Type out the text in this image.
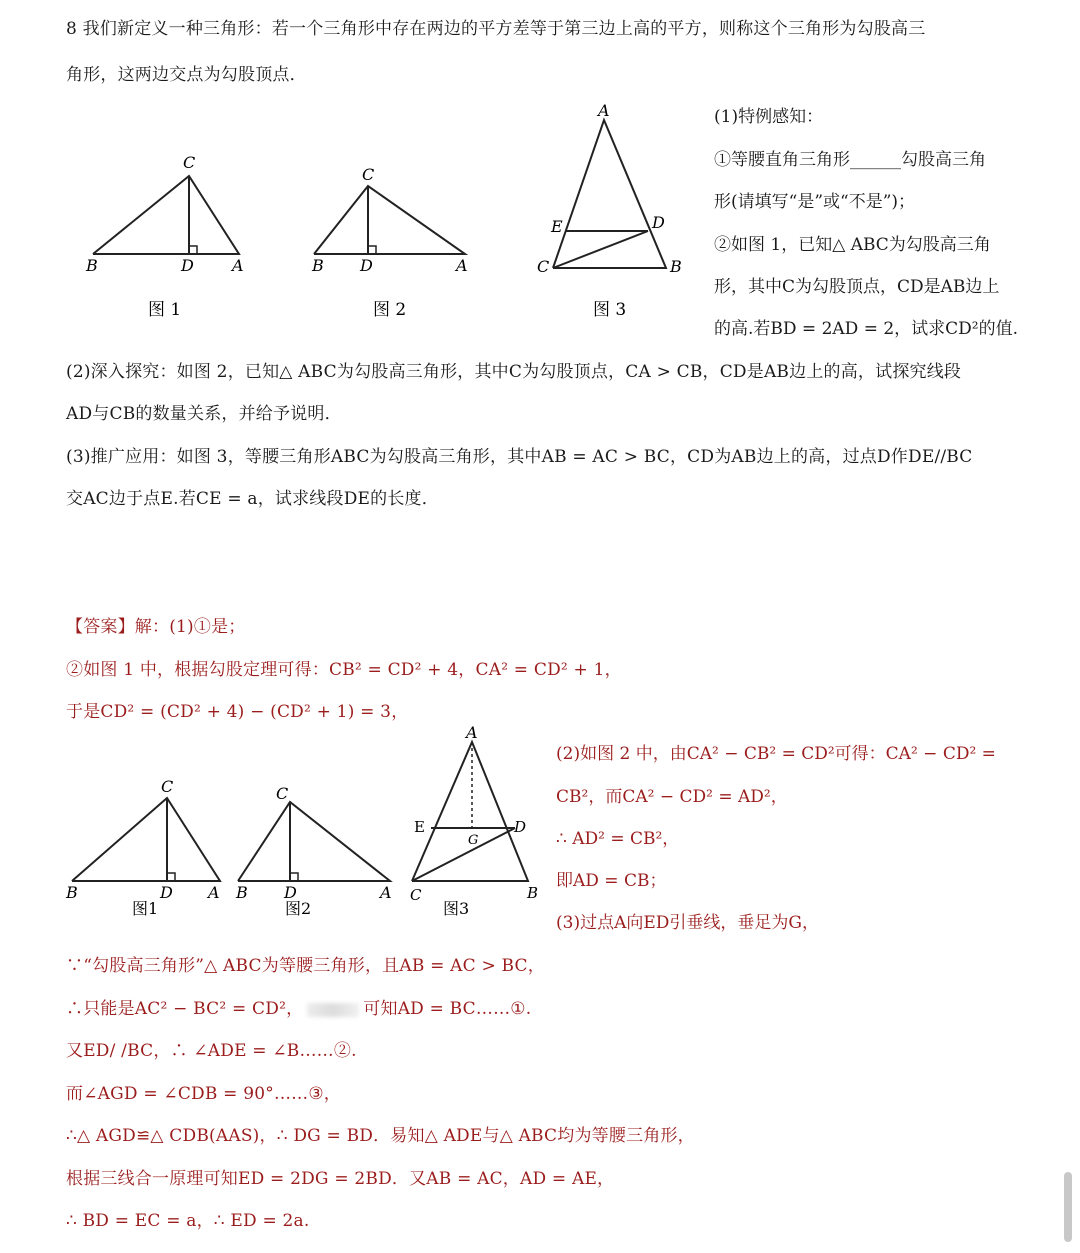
8 我们新定义一种三角形：若一个三角形中存在两边的平方差等于第三边上高的平方，则称这个三角形为勾股高三
角形，这两边交点为勾股顶点．
C
B	D A
图 1
C
B D	A
图 2
A
E	D
C	B
图 3
(1)特例感知：
①等腰直角三角形______勾股高三角
形(请填写“是”或“不是”)；
②如图 1，已知△ ABC为勾股高三角
形，其中C为勾股顶点，CD是AB边上
的高.若BD = 2AD = 2，试求CD²的值.
(2)深入探究：如图 2，已知△ ABC为勾股高三角形，其中C为勾股顶点，CA > CB，CD是AB边上的高，试探究线段
AD与CB的数量关系，并给予说明．
(3)推广应用：如图 3，等腰三角形ABC为勾股高三角形，其中AB = AC > BC，CD为AB边上的高，过点D作DE//BC
交AC边于点E.若CE = a，试求线段DE的长度．
【答案】解：(1)①是；
②如图 1 中，根据勾股定理可得：CB² = CD² + 4，CA² = CD² + 1，
于是CD² = (CD² + 4) − (CD² + 1) = 3，
C
B	D A
图1
C
B D	A
图2
A
E	D
G
C	B
图3
(2)如图 2 中，由CA² − CB² = CD²可得：CA² − CD² =
CB²，而CA² − CD² = AD²，
∴ AD² = CB²，
即AD = CB；
(3)过点A向ED引垂线，垂足为G，
∵“勾股高三角形”△ ABC为等腰三角形，且AB = AC > BC，
∴只能是AC² − BC² = CD²，	可知AD = BC……①.
又ED/ /BC，∴ ∠ADE = ∠B……②.
而∠AGD = ∠CDB = 90°……③，
∴△ AGD≌△ CDB(AAS)，∴ DG = BD．易知△ ADE与△ ABC均为等腰三角形，
根据三线合一原理可知ED = 2DG = 2BD．又AB = AC，AD = AE，
∴ BD = EC = a，∴ ED = 2a.
